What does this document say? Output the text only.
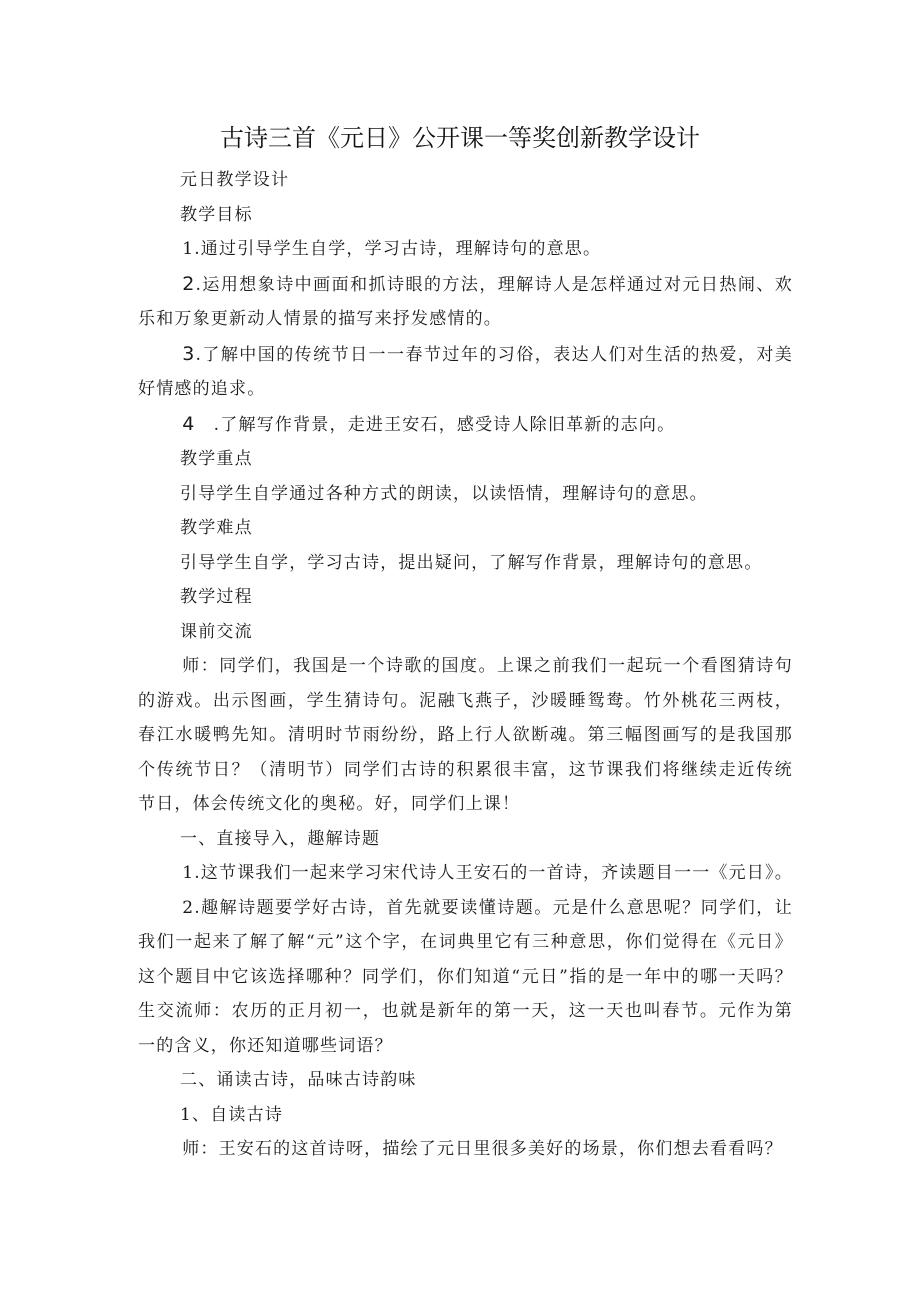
古诗三首《元日》公开课一等奖创新教学设计

元日教学设计

教学目标

1.通过引导学生自学，学习古诗，理解诗句的意思。

2.运用想象诗中画面和抓诗眼的方法，理解诗人是怎样通过对元日热闹、欢乐和万象更新动人情景的描写来抒发感情的。

3.了解中国的传统节日一一春节过年的习俗，表达人们对生活的热爱，对美好情感的追求。

4　.了解写作背景，走进王安石，感受诗人除旧革新的志向。

教学重点

引导学生自学通过各种方式的朗读，以读悟情，理解诗句的意思。

教学难点

引导学生自学，学习古诗，提出疑问，了解写作背景，理解诗句的意思。

教学过程

课前交流

师：同学们，我国是一个诗歌的国度。上课之前我们一起玩一个看图猜诗句的游戏。出示图画，学生猜诗句。泥融飞燕子，沙暖睡鸳鸯。竹外桃花三两枝，春江水暖鸭先知。清明时节雨纷纷，路上行人欲断魂。第三幅图画写的是我国那个传统节日？（清明节）同学们古诗的积累很丰富，这节课我们将继续走近传统节日，体会传统文化的奥秘。好，同学们上课！

一、直接导入，趣解诗题

1.这节课我们一起来学习宋代诗人王安石的一首诗，齐读题目一一《元日》。

2.趣解诗题要学好古诗，首先就要读懂诗题。元是什么意思呢？同学们，让我们一起来了解了解“元”这个字，在词典里它有三种意思，你们觉得在《元日》这个题目中它该选择哪种？同学们，你们知道“元日”指的是一年中的哪一天吗？生交流师：农历的正月初一，也就是新年的第一天，这一天也叫春节。元作为第一的含义，你还知道哪些词语？

二、诵读古诗，品味古诗韵味

1、自读古诗

师：王安石的这首诗呀，描绘了元日里很多美好的场景，你们想去看看吗？
